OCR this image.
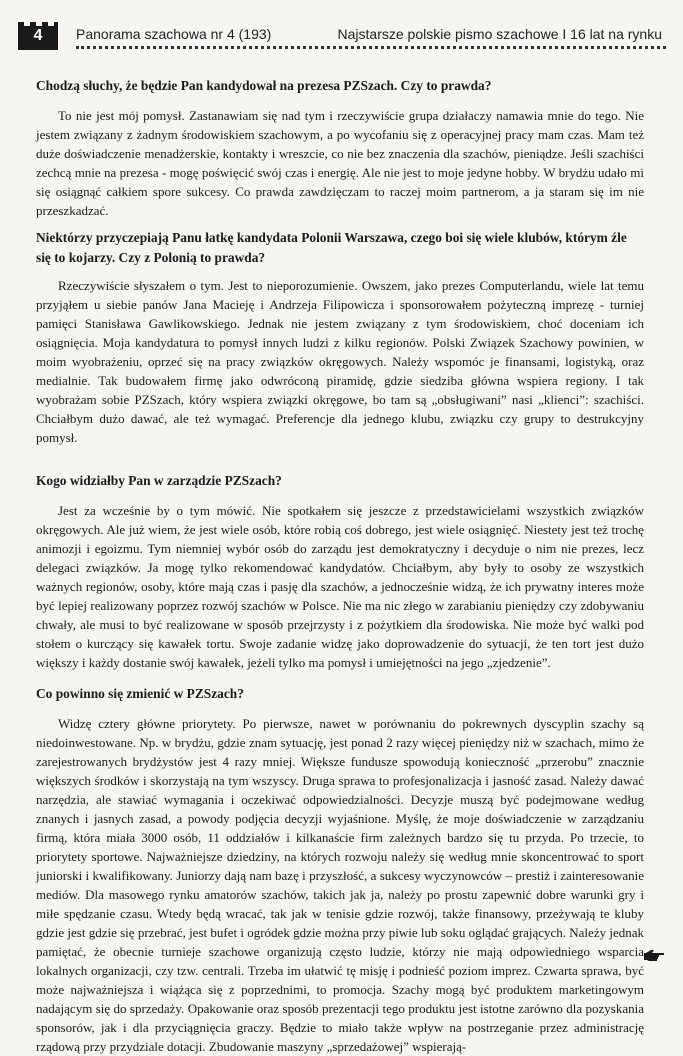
4	Panorama szachowa nr 4 (193)	Najstarsze polskie pismo szachowe I 16 lat na rynku

Chodzą słuchy, że będzie Pan kandydował na prezesa PZSzach. Czy to prawda?

To nie jest mój pomysł. Zastanawiam się nad tym i rzeczywiście grupa działaczy namawia mnie do tego. Nie jestem związany z żadnym środowiskiem szachowym, a po wycofaniu się z operacyjnej pracy mam czas. Mam też duże doświadczenie menadżerskie, kontakty i wreszcie, co nie bez znaczenia dla szachów, pieniądze. Jeśli szachiści zechcą mnie na prezesa - mogę poświęcić swój czas i energię. Ale nie jest to moje jedyne hobby. W brydżu udało mi się osiągnąć całkiem spore sukcesy. Co prawda zawdzięczam to raczej moim partnerom, a ja staram się im nie przeszkadzać.

Niektórzy przyczepiają Panu łatkę kandydata Polonii Warszawa, czego boi się wiele klubów, którym źle się to kojarzy. Czy z Polonią to prawda?

Rzeczywiście słyszałem o tym. Jest to nieporozumienie. Owszem, jako prezes Computerlandu, wiele lat temu przyjąłem u siebie panów Jana Macieję i Andrzeja Filipowicza i sponsorowałem pożyteczną imprezę - turniej pamięci Stanisława Gawlikowskiego. Jednak nie jestem związany z tym środowiskiem, choć doceniam ich osiągnięcia. Moja kandydatura to pomysł innych ludzi z kilku regionów. Polski Związek Szachowy powinien, w moim wyobrażeniu, oprzeć się na pracy związków okręgowych. Należy wspomóc je finansami, logistyką, oraz medialnie. Tak budowałem firmę jako odwróconą piramidę, gdzie siedziba główna wspiera regiony. I tak wyobrażam sobie PZSzach, który wspiera związki okręgowe, bo tam są „obsługiwani” nasi „klienci”: szachiści. Chciałbym dużo dawać, ale też wymagać. Preferencje dla jednego klubu, związku czy grupy to destrukcyjny pomysł.

Kogo widziałby Pan w zarządzie PZSzach?

Jest za wcześnie by o tym mówić. Nie spotkałem się jeszcze z przedstawicielami wszystkich związków okręgowych. Ale już wiem, że jest wiele osób, które robią coś dobrego, jest wiele osiągnięć. Niestety jest też trochę animozji i egoizmu. Tym niemniej wybór osób do zarządu jest demokratyczny i decyduje o nim nie prezes, lecz delegaci związków. Ja mogę tylko rekomendować kandydatów. Chciałbym, aby były to osoby ze wszystkich ważnych regionów, osoby, które mają czas i pasję dla szachów, a jednocześnie widzą, że ich prywatny interes może być lepiej realizowany poprzez rozwój szachów w Polsce. Nie ma nic złego w zarabianiu pieniędzy czy zdobywaniu chwały, ale musi to być realizowane w sposób przejrzysty i z pożytkiem dla środowiska. Nie może być walki pod stołem o kurczący się kawałek tortu. Swoje zadanie widzę jako doprowadzenie do sytuacji, że ten tort jest dużo większy i każdy dostanie swój kawałek, jeżeli tylko ma pomysł i umiejętności na jego „zjedzenie”.

Co powinno się zmienić w PZSzach?

Widzę cztery główne priorytety. Po pierwsze, nawet w porównaniu do pokrewnych dyscyplin szachy są niedoinwestowane. Np. w brydżu, gdzie znam sytuację, jest ponad 2 razy więcej pieniędzy niż w szachach, mimo że zarejestrowanych brydżystów jest 4 razy mniej. Większe fundusze spowodują konieczność „przerobu” znacznie większych środków i skorzystają na tym wszyscy. Druga sprawa to profesjonalizacja i jasność zasad. Należy dawać narzędzia, ale stawiać wymagania i oczekiwać odpowiedzialności. Decyzje muszą być podejmowane według znanych i jasnych zasad, a powody podjęcia decyzji wyjaśnione. Myślę, że moje doświadczenie w zarządzaniu firmą, która miała 3000 osób, 11 oddziałów i kilkanaście firm zależnych bardzo się tu przyda. Po trzecie, to priorytety sportowe. Najważniejsze dziedziny, na których rozwoju należy się według mnie skoncentrować to sport juniorski i kwalifikowany. Juniorzy dają nam bazę i przyszłość, a sukcesy wyczynowców – prestiż i zainteresowanie mediów. Dla masowego rynku amatorów szachów, takich jak ja, należy po prostu zapewnić dobre warunki gry i miłe spędzanie czasu. Wtedy będą wracać, tak jak w tenisie gdzie rozwój, także finansowy, przeżywają te kluby gdzie jest gdzie się przebrać, jest bufet i ogródek gdzie można przy piwie lub soku oglądać grających. Należy jednak pamiętać, że obecnie turnieje szachowe organizują często ludzie, którzy nie mają odpowiedniego wsparcia lokalnych organizacji, czy tzw. centrali. Trzeba im ułatwić tę misję i podnieść poziom imprez. Czwarta sprawa, być może najważniejsza i wiążąca się z poprzednimi, to promocja. Szachy mogą być produktem marketingowym nadającym się do sprzedaży. Opakowanie oraz sposób prezentacji tego produktu jest istotne zarówno dla pozyskania sponsorów, jak i dla przyciągnięcia graczy. Będzie to miało także wpływ na postrzeganie przez administrację rządową przy przydziale dotacji. Zbudowanie maszyny „sprzedażowej” wspierają-
